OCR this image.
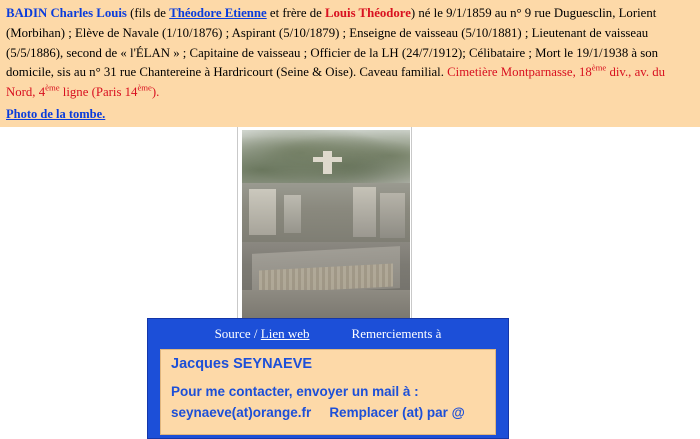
BADIN Charles Louis (fils de Théodore Etienne et frère de Louis Théodore) né le 9/1/1859 au n° 9 rue Duguesclin, Lorient (Morbihan) ; Elève de Navale (1/10/1876) ; Aspirant (5/10/1879) ; Enseigne de vaisseau (5/10/1881) ; Lieutenant de vaisseau (5/5/1886), second de « l'ÉLAN » ; Capitaine de vaisseau ; Officier de la LH (24/7/1912); Célibataire ; Mort le 19/1/1938 à son domicile, sis au n° 31 rue Chantereine à Hardricourt (Seine & Oise). Caveau familial. Cimetière Montparnasse, 18ème div., av. du Nord, 4ème ligne (Paris 14ème).

Photo de la tombe.
Source / Lien web	Remerciements à
Jacques SEYNAEVE
Pour me contacter, envoyer un mail à :
seynaeve(at)orange.fr Remplacer (at) par @
